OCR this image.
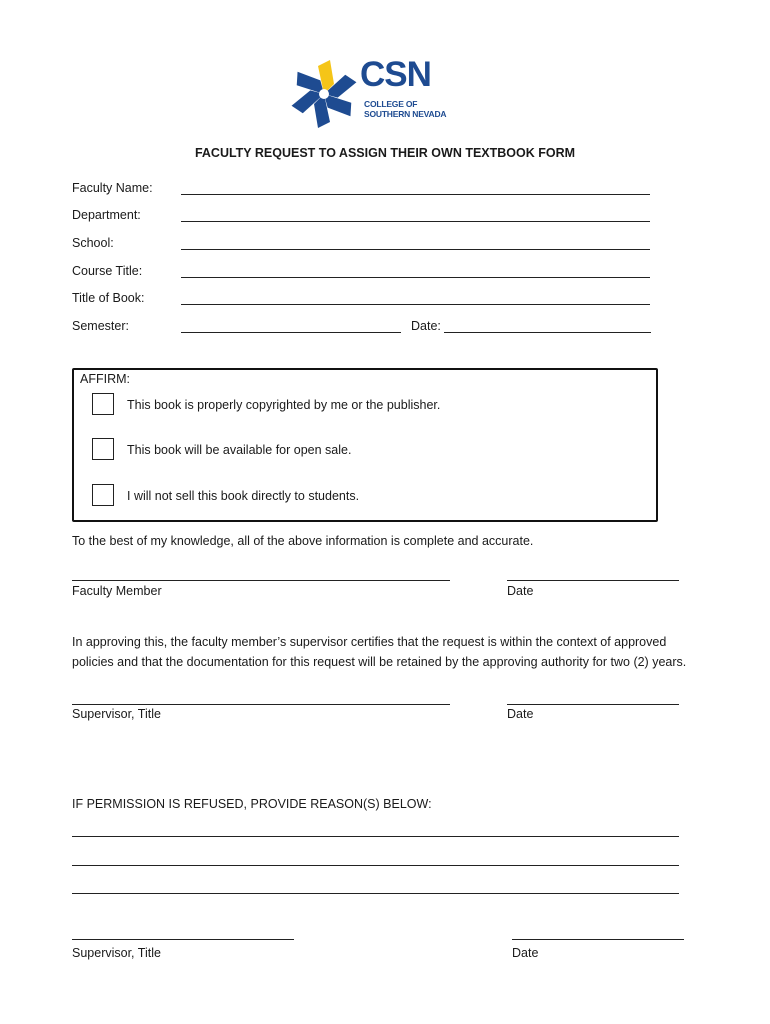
CSN
COLLEGE OF
SOUTHERN NEVADA
FACULTY REQUEST TO ASSIGN THEIR OWN TEXTBOOK FORM
Faculty Name:
Department:
School:
Course Title:
Title of Book:
Semester:	Date:
AFFIRM:
This book is properly copyrighted by me or the publisher.
This book will be available for open sale.
I will not sell this book directly to students.
To the best of my knowledge, all of the above information is complete and accurate.
Faculty Member	Date
In approving this, the faculty member’s supervisor certifies that the request is within the context of approved
policies and that the documentation for this request will be retained by the approving authority for two (2) years.
Supervisor, Title	Date
IF PERMISSION IS REFUSED, PROVIDE REASON(S) BELOW:
Supervisor, Title	Date
